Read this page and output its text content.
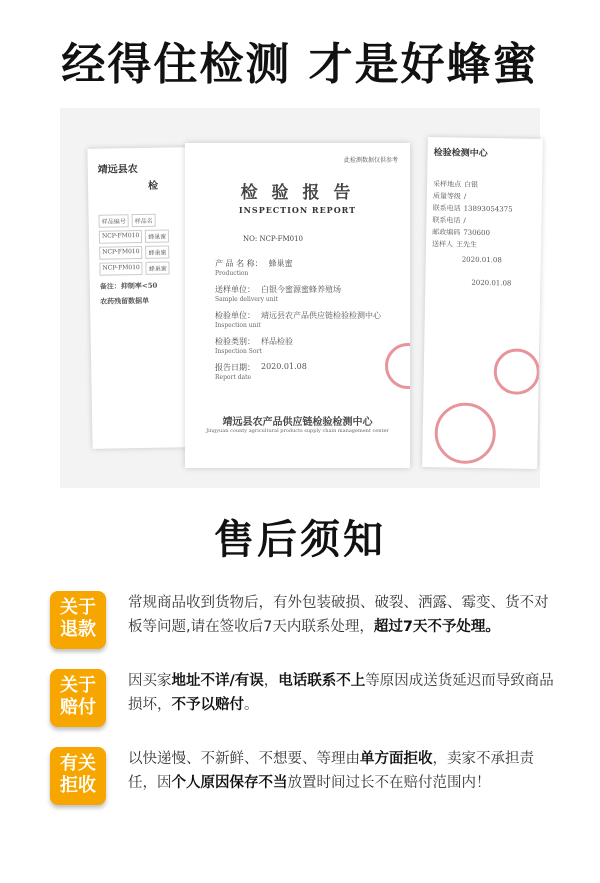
经得住检测 才是好蜂蜜
靖远县农
检
样品编号	样品名
NCP-FM010	蜂巢蜜
NCP-FM010	蜂巢蜜
NCP-FM010	蜂巢蜜
备注：抑制率<50
农药残留数据单
检验检测中心
采样地点 白银
质量等级 /
联系电话 13893054375
联系电话 /
邮政编码 730600
送样人 王先生
2020.01.08
2020.01.08
此检测数据仅供参考
检 验 报 告
INSPECTION REPORT
NO: NCP-FM010
产 品 名 称： 蜂巢蜜
Production
送样单位： 白银今蜜源蜜蜂养殖场
Sample delivery unit
检验单位： 靖远县农产品供应链检验检测中心
Inspection unit
检验类别： 样品检验
Inspection Sort
报告日期： 2020.01.08
Report date
靖远县农产品供应链检验检测中心
Jingyuan county agricultural products supply chain management center
售后须知
关于
退款
常规商品收到货物后，有外包装破损、破裂、洒露、霉变、货不对板等问题,请在签收后7天内联系处理，超过7天不予处理。
关于
赔付
因买家地址不详/有误，电话联系不上等原因成送货延迟而导致商品损坏，不予以赔付。
有关
拒收
以快递慢、不新鲜、不想要、等理由单方面拒收，卖家不承担责任，因个人原因保存不当放置时间过长不在赔付范围内！
